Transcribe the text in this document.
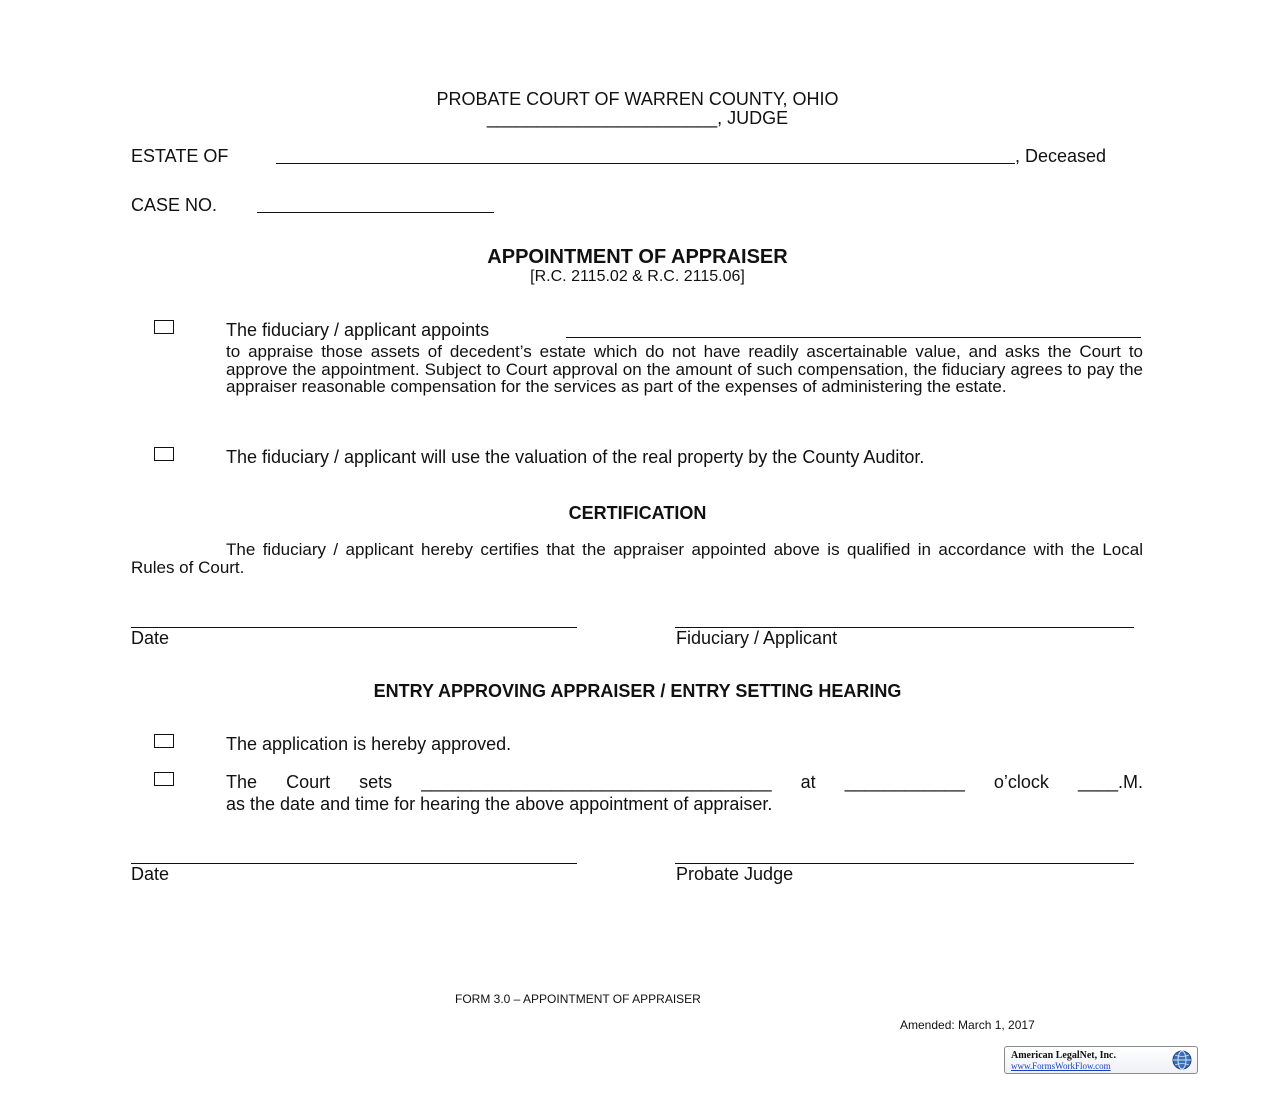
PROBATE COURT OF WARREN COUNTY, OHIO
_______________________, JUDGE
ESTATE OF	, Deceased
CASE NO.
APPOINTMENT OF APPRAISER
[R.C. 2115.02 & R.C. 2115.06]
The fiduciary / applicant appoints
to appraise those assets of decedent’s estate which do not have readily ascertainable value, and asks the Court to approve the appointment. Subject to Court approval on the amount of such compensation, the fiduciary agrees to pay the appraiser reasonable compensation for the services as part of the expenses of administering the estate.
The fiduciary / applicant will use the valuation of the real property by the County Auditor.
CERTIFICATION
The fiduciary / applicant hereby certifies that the appraiser appointed above is qualified in accordance with the Local Rules of Court.
Date	Fiduciary / Applicant
ENTRY APPROVING APPRAISER / ENTRY SETTING HEARING
The application is hereby approved.
The Court sets ___________________________________ at ____________ o’clock ____.M.
as the date and time for hearing the above appointment of appraiser.
Date	Probate Judge
FORM 3.0 – APPOINTMENT OF APPRAISER
Amended: March 1, 2017
American LegalNet, Inc.
www.FormsWorkFlow.com
